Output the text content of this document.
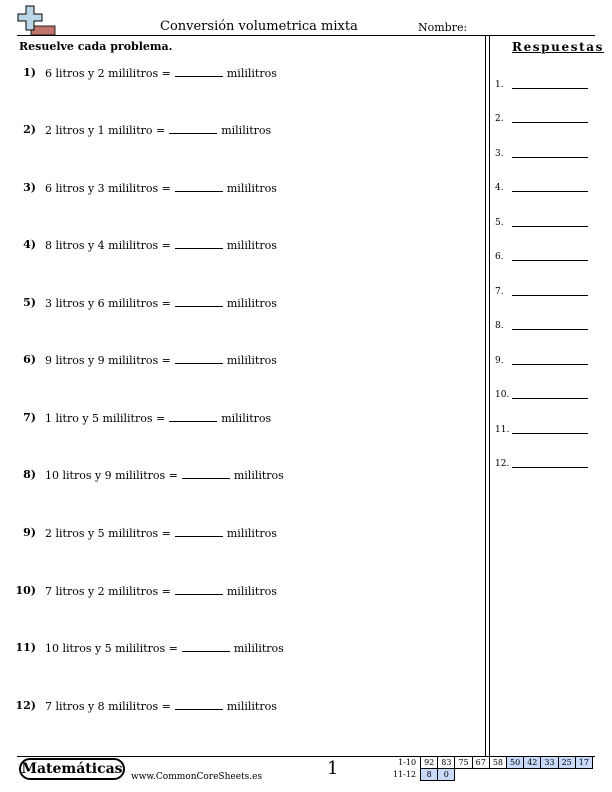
Conversión volumetrica mixta	Nombre:
Resuelve cada problema.	Respuestas
1) 6 litros y 2 mililitros =	mililitros
2) 2 litros y 1 mililitro =	mililitros
3) 6 litros y 3 mililitros =	mililitros
4) 8 litros y 4 mililitros =	mililitros
5) 3 litros y 6 mililitros =	mililitros
6) 9 litros y 9 mililitros =	mililitros
7) 1 litro y 5 mililitros =	mililitros
8) 10 litros y 9 mililitros =	mililitros
9) 2 litros y 5 mililitros =	mililitros
10) 7 litros y 2 mililitros =	mililitros
11) 10 litros y 5 mililitros =	mililitros
12) 7 litros y 8 mililitros =	mililitros
1.
2.
3.
4.
5.
6.
7.
8.
9.
10.
11.
12.
Matemáticas www.CommonCoreSheets.es	1	1-10	92	83	75	67	58	50	42	33	25	17
11-12	8	0								
